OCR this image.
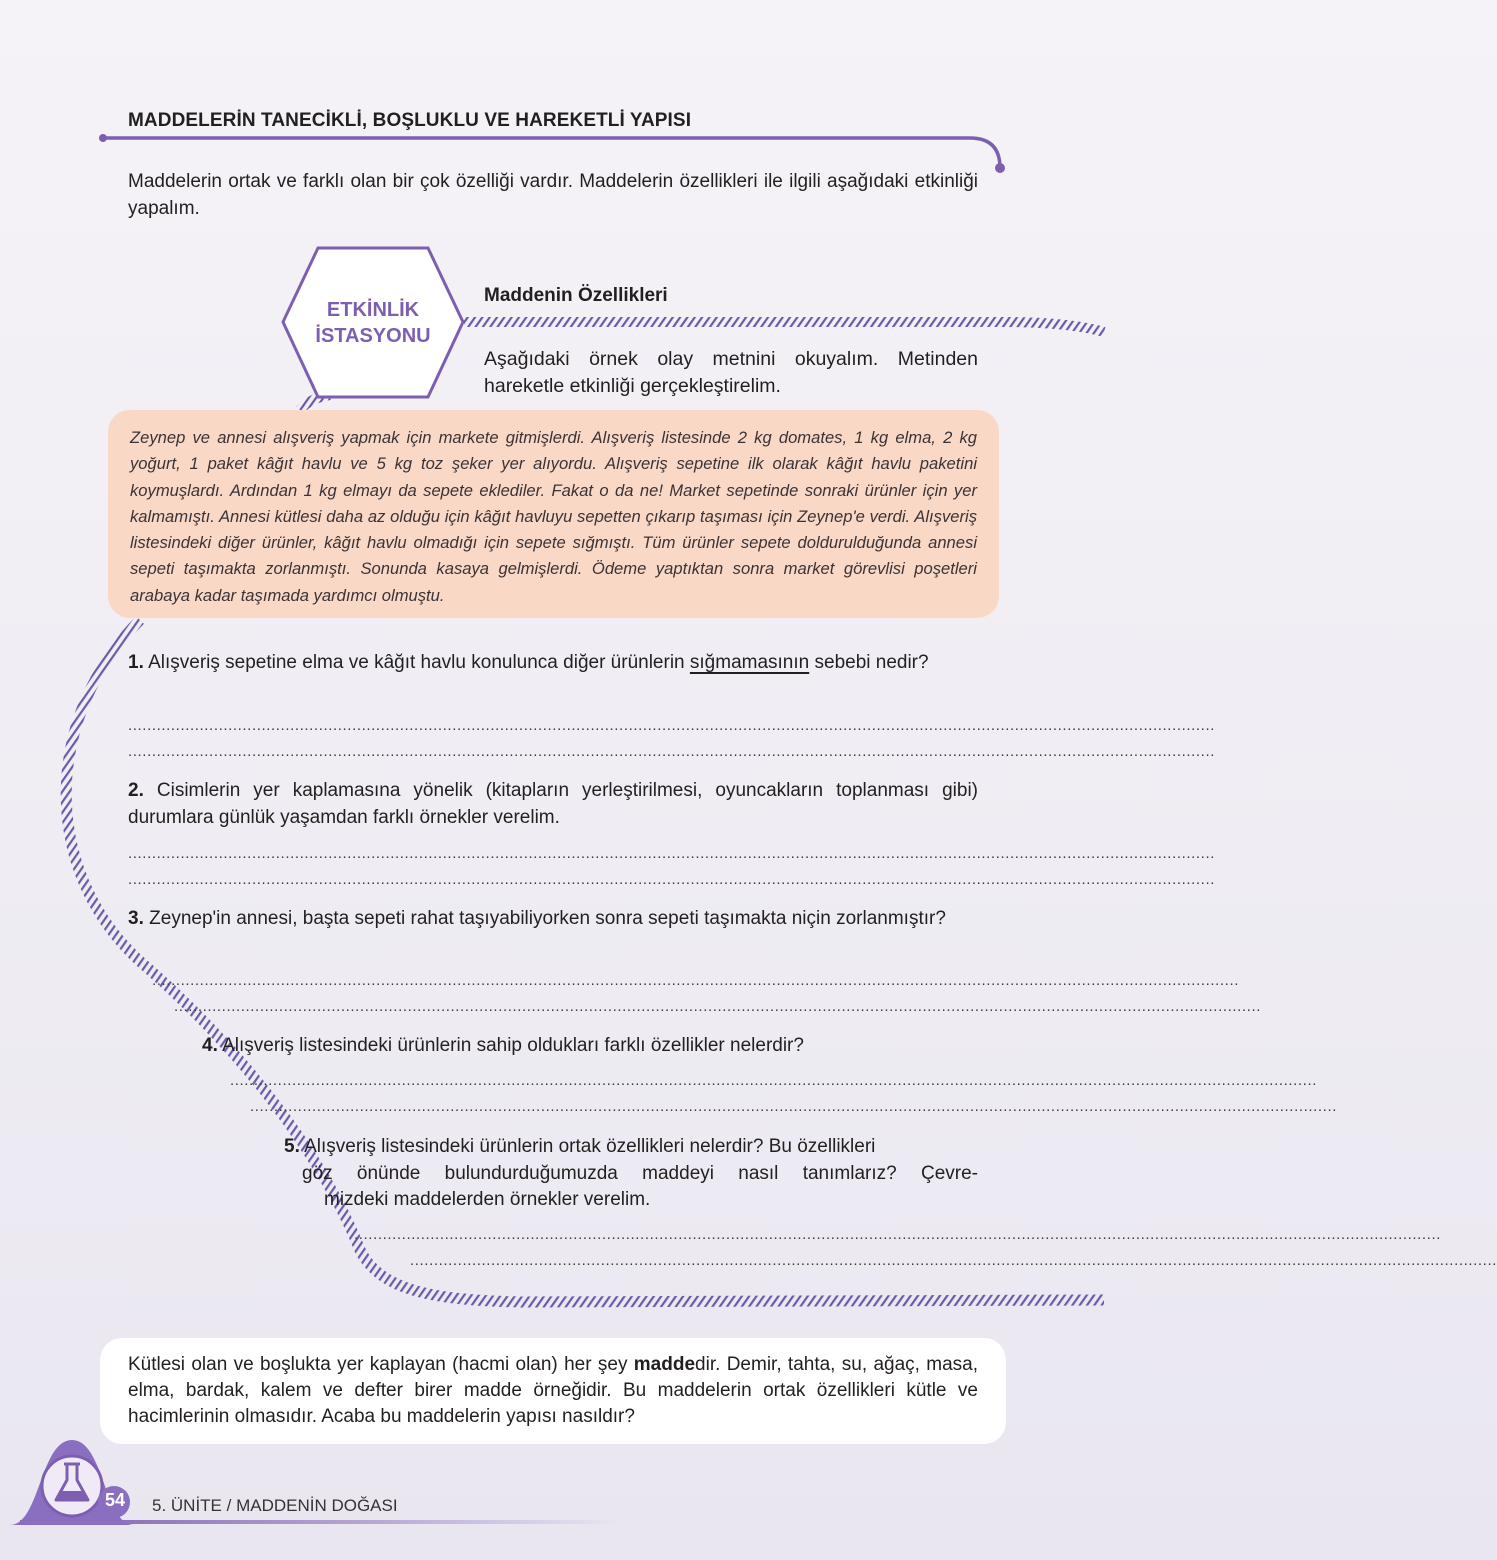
MADDELERİN TANECİKLİ, BOŞLUKLU VE HAREKETLİ YAPISI
Maddelerin ortak ve farklı olan bir çok özelliği vardır. Maddelerin özellikleri ile ilgili aşağıdaki etkinliği yapalım.
ETKİNLİK
İSTASYONU
Maddenin Özellikleri
Aşağıdaki örnek olay metnini okuyalım. Metinden hareketle etkinliği gerçekleştirelim.
Zeynep ve annesi alışveriş yapmak için markete gitmişlerdi. Alışveriş listesinde 2 kg domates, 1 kg elma, 2 kg yoğurt, 1 paket kâğıt havlu ve 5 kg toz şeker yer alıyordu. Alışveriş sepetine ilk olarak kâğıt havlu paketini koymuşlardı. Ardından 1 kg elmayı da sepete eklediler. Fakat o da ne! Market sepetinde sonraki ürünler için yer kalmamıştı. Annesi kütlesi daha az olduğu için kâğıt havluyu sepetten çıkarıp taşıması için Zeynep'e verdi. Alışveriş listesindeki diğer ürünler, kâğıt havlu olmadığı için sepete sığmıştı. Tüm ürünler sepete doldurulduğunda annesi sepeti taşımakta zorlanmıştı. Sonunda kasaya gelmişlerdi. Ödeme yaptıktan sonra market görevlisi poşetleri arabaya kadar taşımada yardımcı olmuştu.
1. Alışveriş sepetine elma ve kâğıt havlu konulunca diğer ürünlerin sığmamasının sebebi nedir?
....................................................................................................................................................................................................................................
....................................................................................................................................................................................................................................
2. Cisimlerin yer kaplamasına yönelik (kitapların yerleştirilmesi, oyuncakların toplanması gibi) durumlara günlük yaşamdan farklı örnekler verelim.
....................................................................................................................................................................................................................................
....................................................................................................................................................................................................................................
3. Zeynep'in annesi, başta sepeti rahat taşıyabiliyorken sonra sepeti taşımakta niçin zorlanmıştır?
....................................................................................................................................................................................................................................
....................................................................................................................................................................................................................................
4. Alışveriş listesindeki ürünlerin sahip oldukları farklı özellikler nelerdir?
....................................................................................................................................................................................................................................
....................................................................................................................................................................................................................................
5. Alışveriş listesindeki ürünlerin ortak özellikleri nelerdir? Bu özellikleri
göz önünde bulundurduğumuzda maddeyi nasıl tanımlarız? Çevre-
mizdeki maddelerden örnekler verelim.
....................................................................................................................................................................................................................................
....................................................................................................................................................................................................................................
Kütlesi olan ve boşlukta yer kaplayan (hacmi olan) her şey maddedir. Demir, tahta, su, ağaç, masa, elma, bardak, kalem ve defter birer madde örneğidir. Bu maddelerin ortak özellikleri kütle ve hacimlerinin olmasıdır. Acaba bu maddelerin yapısı nasıldır?
54 5. ÜNİTE / MADDENİN DOĞASI
